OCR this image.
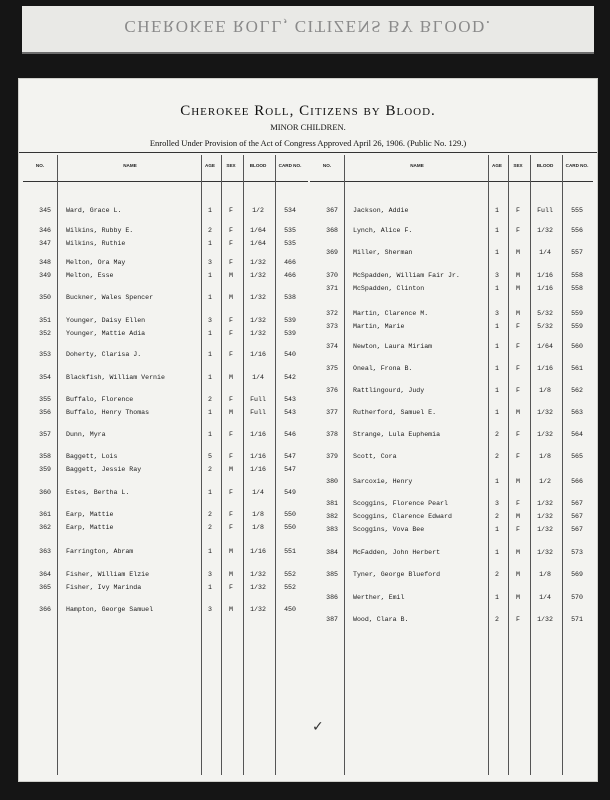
CHEROKEE ROLL, CITIZENS BY BLOOD.
Cherokee Roll, Citizens by Blood.
MINOR CHILDREN.
Enrolled Under Provision of the Act of Congress Approved April 26, 1906. (Public No. 129.)
NO.	NAME	AGE	SEX	BLOOD	CARD NO.
345 Ward, Grace L.	1	F	1/2	534
346 Wilkins, Rubby E.	2	F	1/64	535
347 Wilkins, Ruthie	1	F	1/64	535
348 Melton, Ora May	3	F	1/32	466
349 Melton, Esse	1	M	1/32	466
350 Buckner, Wales Spencer	1	M	1/32	538
351 Younger, Daisy Ellen	3	F	1/32	539
352 Younger, Mattie Adia	1	F	1/32	539
353 Doherty, Clarisa J.	1	F	1/16	540
354 Blackfish, William Vernie	1	M	1/4	542
355 Buffalo, Florence	2	F	Full	543
356 Buffalo, Henry Thomas	1	M	Full	543
357 Dunn, Myra	1	F	1/16	546
358 Baggett, Lois	5	F	1/16	547
359 Baggett, Jessie Ray	2	M	1/16	547
360 Estes, Bertha L.	1	F	1/4	549
361 Earp, Mattie	2	F	1/8	550
362 Earp, Mattie	2	F	1/8	550
363 Farrington, Abram	1	M	1/16	551
364 Fisher, William Elzie	3	M	1/32	552
365 Fisher, Ivy Marinda	1	F	1/32	552
366 Hampton, George Samuel	3	M	1/32	450
NO.	NAME	AGE	SEX	BLOOD	CARD NO.
367 Jackson, Addie	1	F	Full	555
368 Lynch, Alice F.	1	F	1/32	556
369 Miller, Sherman	1	M	1/4	557
370 McSpadden, William Fair Jr.	3	M	1/16	558
371 McSpadden, Clinton	1	M	1/16	558
372 Martin, Clarence M.	3	M	5/32	559
373 Martin, Marie	1	F	5/32	559
374 Newton, Laura Miriam	1	F	1/64	560
375 Oneal, Frona B.	1	F	1/16	561
376 Rattlingourd, Judy	1	F	1/8	562
377 Rutherford, Samuel E.	1	M	1/32	563
378 Strange, Lula Euphemia	2	F	1/32	564
379 Scott, Cora	2	F	1/8	565
380 Sarcoxie, Henry	1	M	1/2	566
381 Scoggins, Florence Pearl	3	F	1/32	567
382 Scoggins, Clarence Edward	2	M	1/32	567
383 Scoggins, Vova Bee	1	F	1/32	567
384 McFadden, John Herbert	1	M	1/32	573
385 Tyner, George Blueford	2	M	1/8	569
386 Werther, Emil	1	M	1/4	570
387 Wood, Clara B.	2	F	1/32	571
✓
